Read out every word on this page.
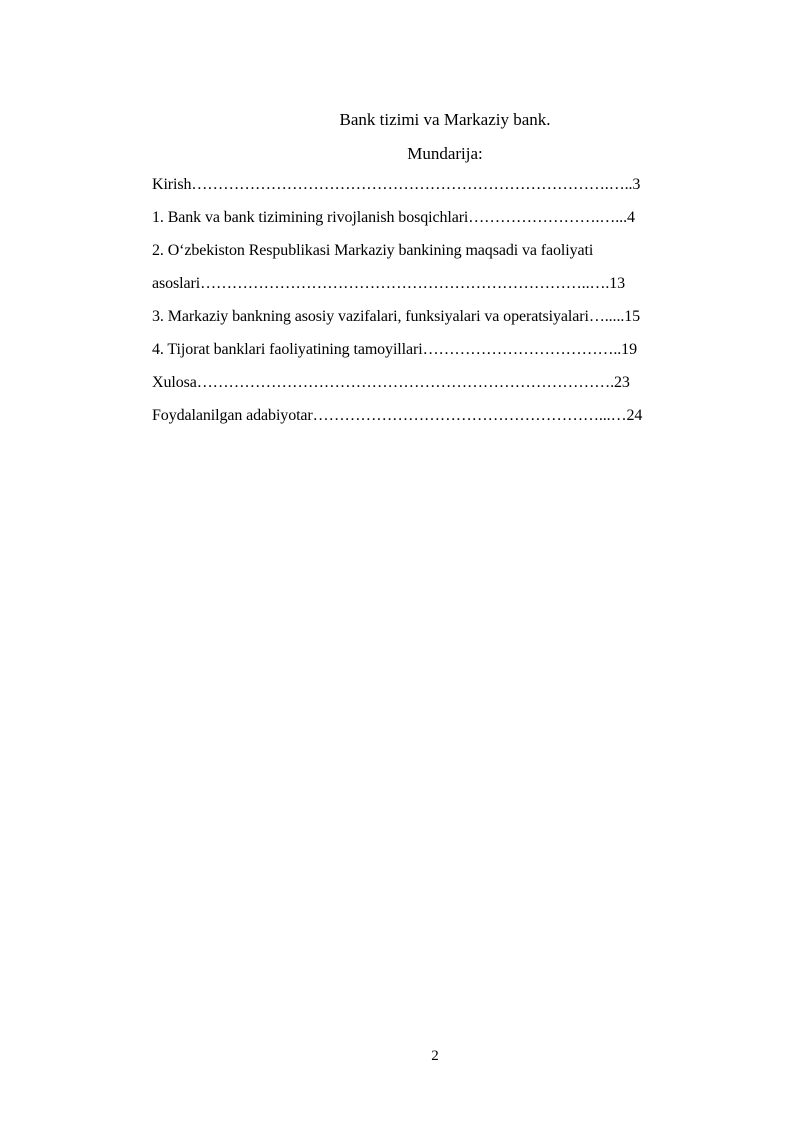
Bank tizimi va Markaziy bank.
Mundarija:
Kirish…………………………………………………………………….…..3
1. Bank va bank tizimining rivojlanish bosqichlari…………………….…...4
2. O‘zbekiston Respublikasi Markaziy bankining maqsadi va faoliyati
asoslari………………………………………………………………..….13
3. Markaziy bankning asosiy vazifalari, funksiyalari va operatsiyalari….....15
4. Tijorat banklari faoliyatining tamoyillari………………………………..19
Xulosa…………………………………………………………………….23
Foydalanilgan adabiyotar………………………………………………...…24
2
